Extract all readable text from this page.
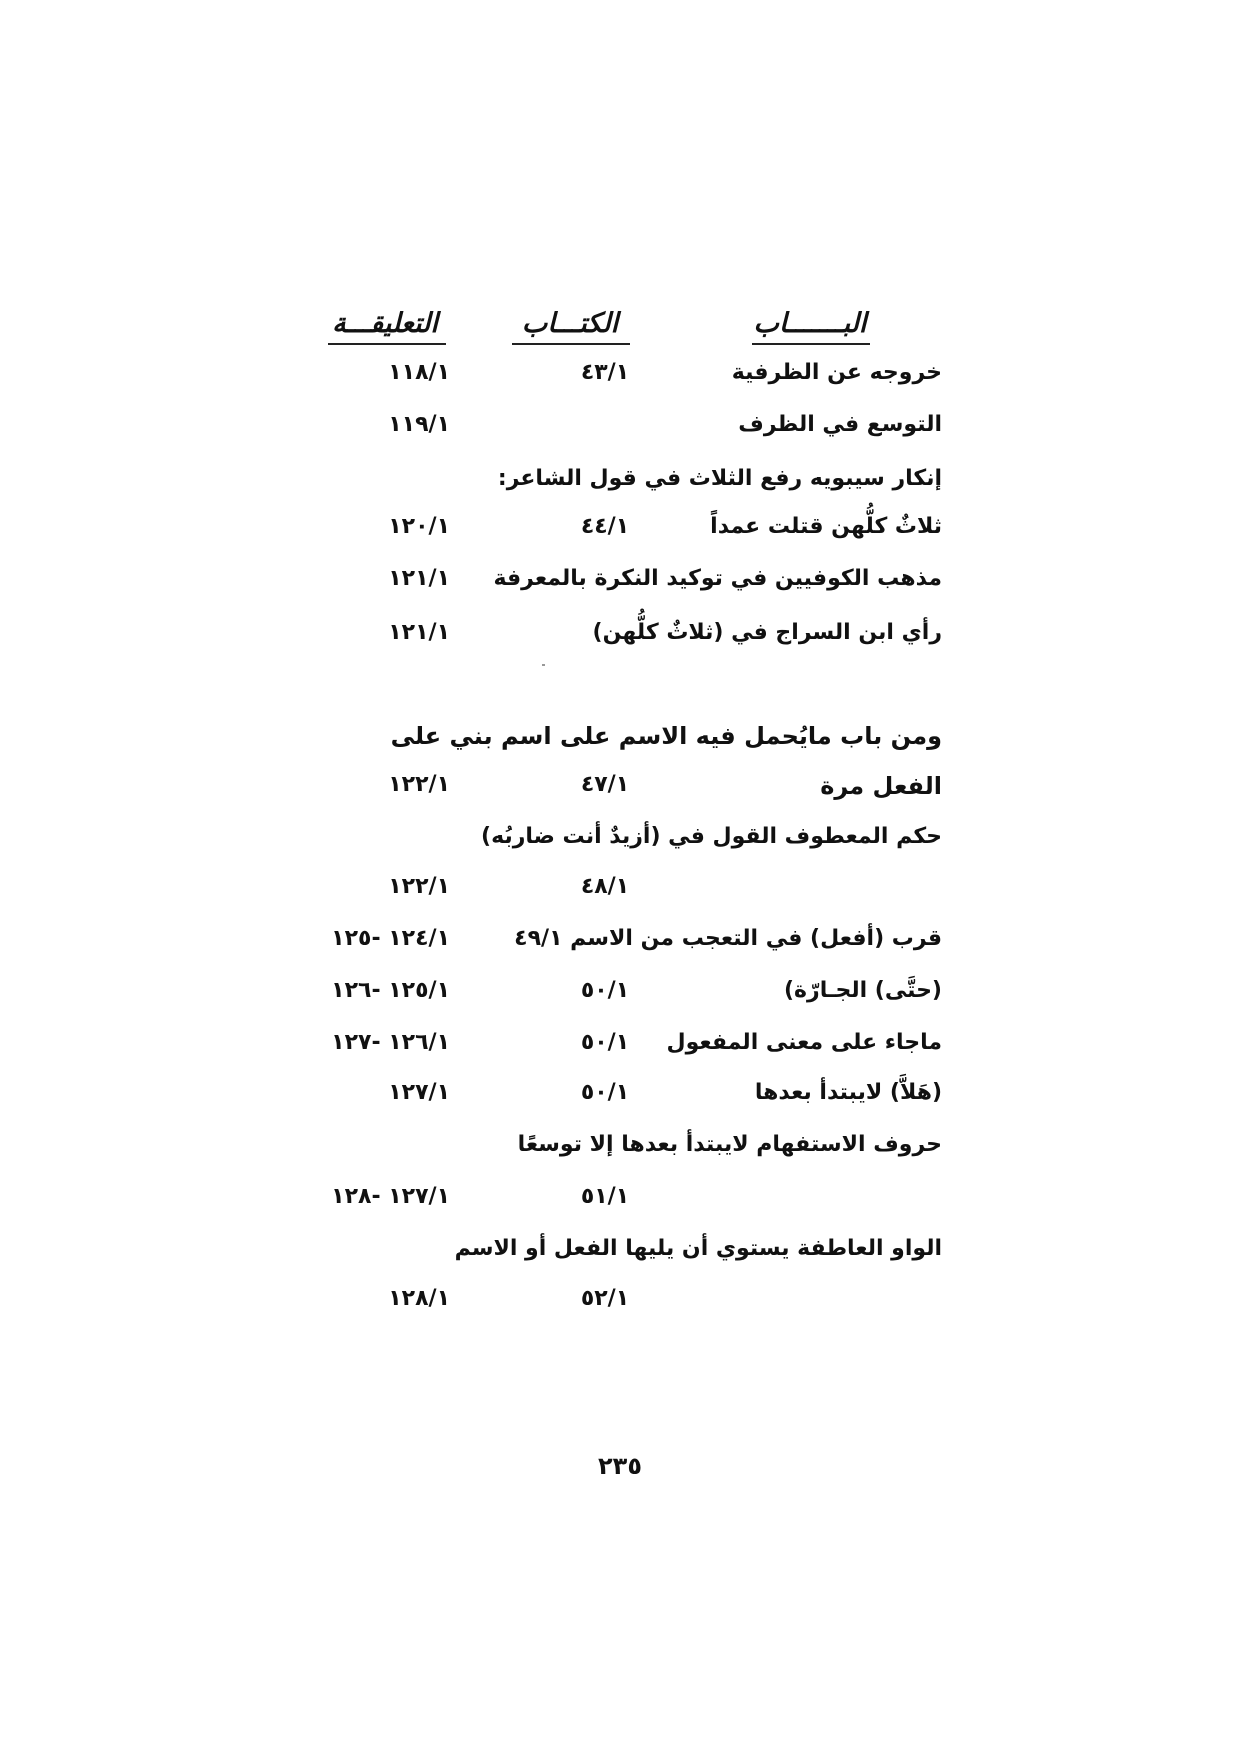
البـــــــاب
الكتـــاب
التعليقـــة
خروجه عن الظرفية
٤٣/١
١١٨/١
التوسع في الظرف
١١٩/١
إنكار سيبويه رفع الثلاث في قول الشاعر:
ثلاثٌ كلُّهن قتلت عمداً
٤٤/١
١٢٠/١
مذهب الكوفيين في توكيد النكرة بالمعرفة
١٢١/١
رأي ابن السراج في (ثلاثٌ كلُّهن)
١٢١/١
ومن باب مايُحمل فيه الاسم على اسم بني على
الفعل مرة
٤٧/١
١٢٢/١
حكم المعطوف القول في (أزيدٌ أنت ضاربُه)
٤٨/١
١٢٢/١
قرب (أفعل) في التعجب من الاسم ٤٩/١
١٢٤/١ -١٢٥
(حتَّى) الجـارّة)
٥٠/١
١٢٥/١ -١٢٦
ماجاء على معنى المفعول
٥٠/١
١٢٦/١ -١٢٧
(هَلاَّ) لايبتدأ بعدها
٥٠/١
١٢٧/١
حروف الاستفهام لايبتدأ بعدها إلا توسعًا
٥١/١
١٢٧/١ -١٢٨
الواو العاطفة يستوي أن يليها الفعل أو الاسم
٥٢/١
١٢٨/١
٢٣٥
